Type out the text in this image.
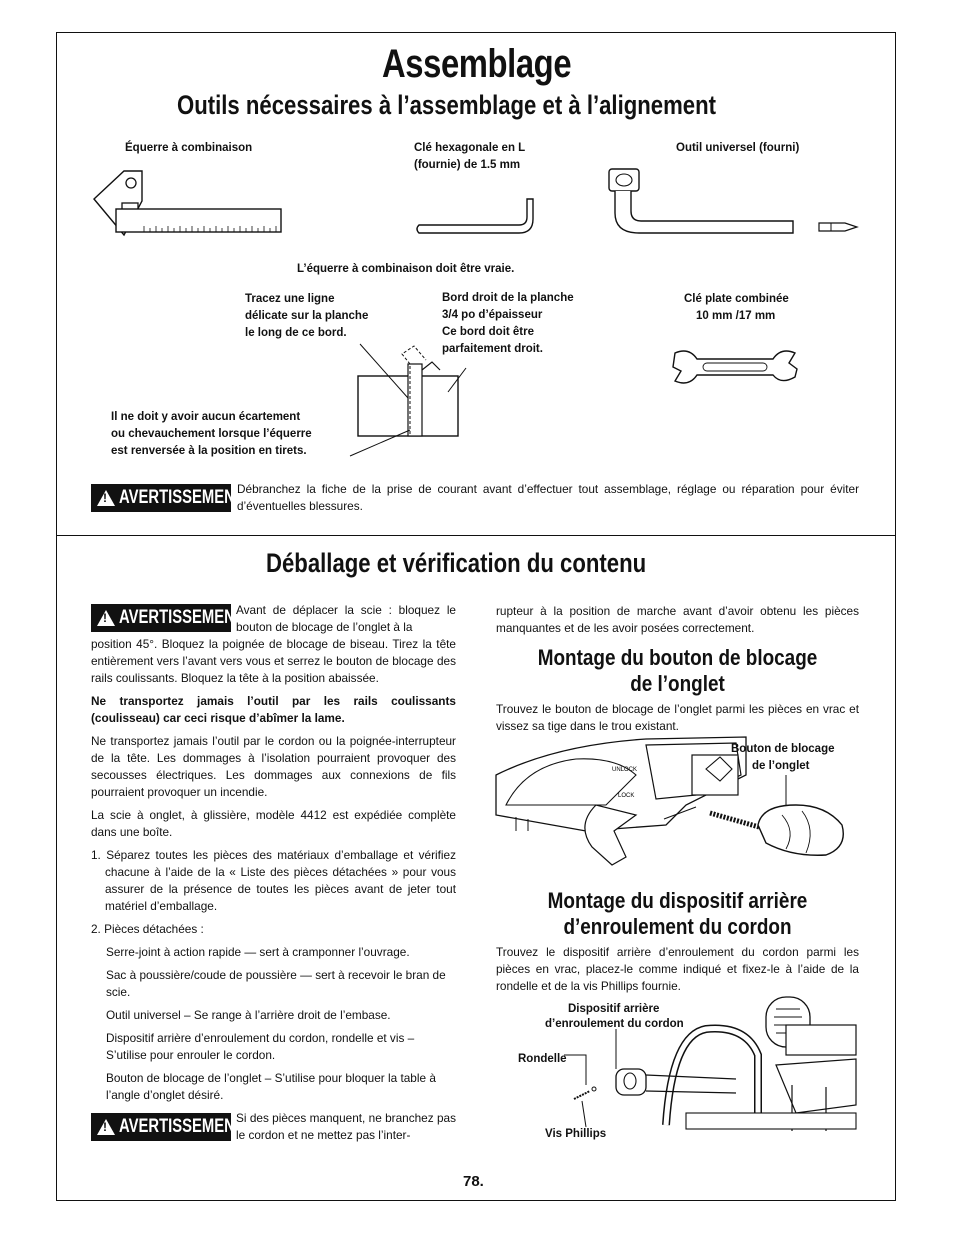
Assemblage
Outils nécessaires à l’assemblage et à l’alignement
Équerre à combinaison	Clé hexagonale en L
(fournie) de 1.5 mm
Outil universel (fourni)
L’équerre à combinaison doit être vraie.
Tracez une ligne
délicate sur la planche
le long de ce bord.
Bord droit de la planche
3/4 po d’épaisseur
Ce bord doit être
parfaitement droit.
Clé plate combinée
10 mm /17 mm
Il ne doit y avoir aucun écartement
ou chevauchement lorsque l’équerre
est renversée à la position en tirets.
! AVERTISSEMENT
Débranchez la fiche de la prise de courant avant d’effectuer tout assemblage, réglage ou réparation pour éviter d’éventuelles blessures.
Déballage et vérification du contenu
! AVERTISSEMENT
Avant de déplacer la scie : bloquez le bouton de blocage de l’onglet à la

position 45°. Bloquez la poignée de blocage de biseau. Tirez la tête entièrement vers l’avant vers vous et serrez le bouton de blocage des rails coulissants. Bloquez la tête à la position abaissée.

Ne transportez jamais l’outil par les rails coulissants (coulisseau) car ceci risque d’abîmer la lame.

Ne transportez jamais l’outil par le cordon ou la poignée-interrupteur de la tête. Les dommages à l’isolation pourraient provoquer des secousses électriques. Les dommages aux connexions de fils pourraient provoquer un incendie.

La scie à onglet, à glissière, modèle 4412 est expédiée complète dans une boîte.

1. Séparez toutes les pièces des matériaux d’emballage et vérifiez chacune à l’aide de la « Liste des pièces détachées » pour vous assurer de la présence de toutes les pièces avant de jeter tout matériel d’emballage.

2. Pièces détachées :

Serre-joint à action rapide — sert à cramponner l’ouvrage.

Sac à poussière/coude de poussière — sert à recevoir le bran de scie.

Outil universel – Se range à l’arrière droit de l’embase.

Dispositif arrière d’enroulement du cordon, rondelle et vis – S’utilise pour enrouler le cordon.

Bouton de blocage de l’onglet – S’utilise pour bloquer la table à l’angle d’onglet désiré.

! AVERTISSEMENT
Si des pièces manquent, ne branchez pas le cordon et ne mettez pas l’inter-
rupteur à la position de marche avant d’avoir obtenu les pièces manquantes et de les avoir posées correctement.
Montage du bouton de blocage
de l’onglet
Trouvez le bouton de blocage de l’onglet parmi les pièces en vrac et vissez sa tige dans le trou existant.
UNLOCK
LOCK
Bouton de blocage
de l’onglet
Montage du dispositif arrière
d’enroulement du cordon
Trouvez le dispositif arrière d’enroulement du cordon parmi les pièces en vrac, placez-le comme indiqué et fixez-le à l’aide de la rondelle et de la vis Phillips fournie.
Dispositif arrière
d’enroulement du cordon
Rondelle
Vis Phillips
78.
